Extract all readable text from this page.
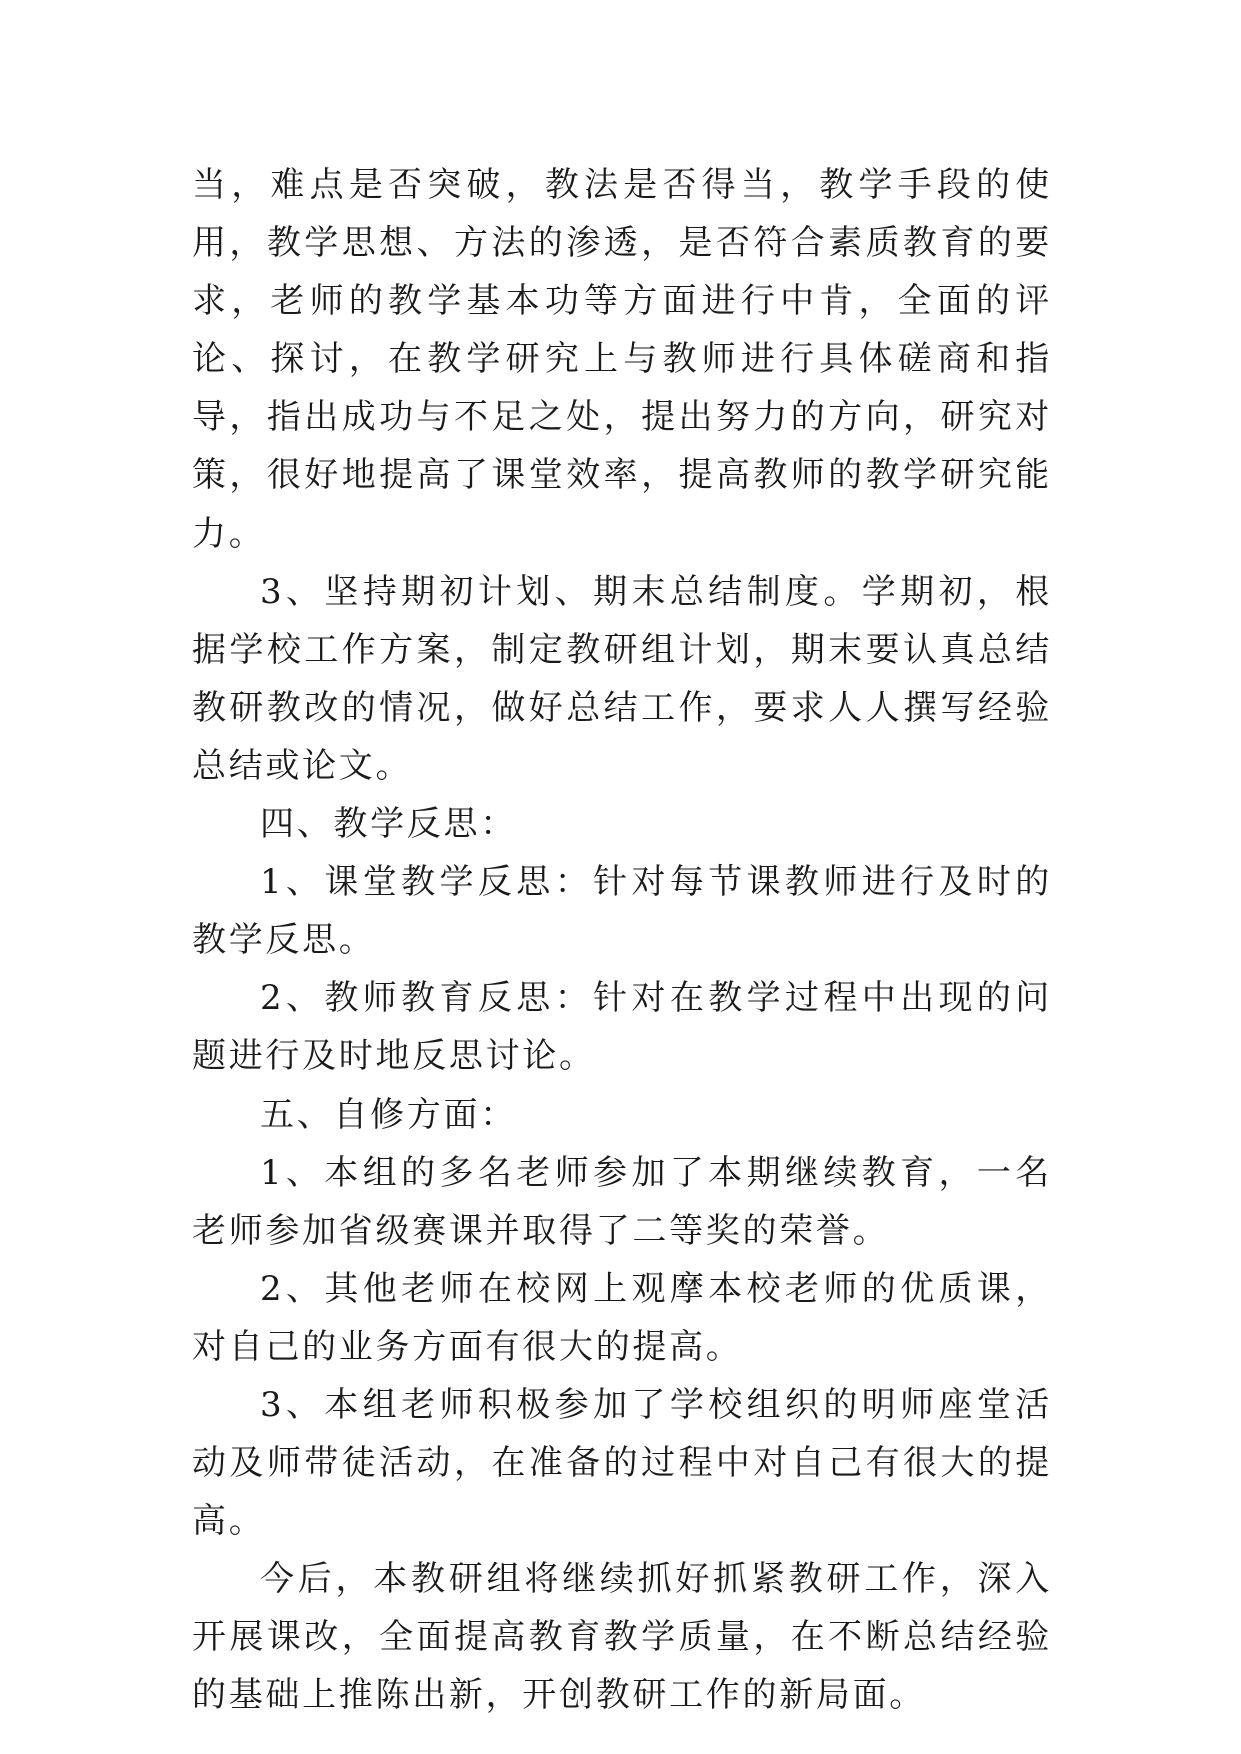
当，难点是否突破，教法是否得当，教学手段的使用，教学思想、方法的渗透，是否符合素质教育的要求，老师的教学基本功等方面进行中肯，全面的评论、探讨，在教学研究上与教师进行具体磋商和指导，指出成功与不足之处，提出努力的方向，研究对策，很好地提高了课堂效率，提高教师的教学研究能力。

3、坚持期初计划、期末总结制度。学期初，根据学校工作方案，制定教研组计划，期末要认真总结教研教改的情况，做好总结工作，要求人人撰写经验总结或论文。

四、教学反思：

1、课堂教学反思：针对每节课教师进行及时的教学反思。

2、教师教育反思：针对在教学过程中出现的问题进行及时地反思讨论。

五、自修方面：

1、本组的多名老师参加了本期继续教育，一名老师参加省级赛课并取得了二等奖的荣誉。

2、其他老师在校网上观摩本校老师的优质课，对自己的业务方面有很大的提高。

3、本组老师积极参加了学校组织的明师座堂活动及师带徒活动，在准备的过程中对自己有很大的提高。

今后，本教研组将继续抓好抓紧教研工作，深入开展课改，全面提高教育教学质量，在不断总结经验的基础上推陈出新，开创教研工作的新局面。
